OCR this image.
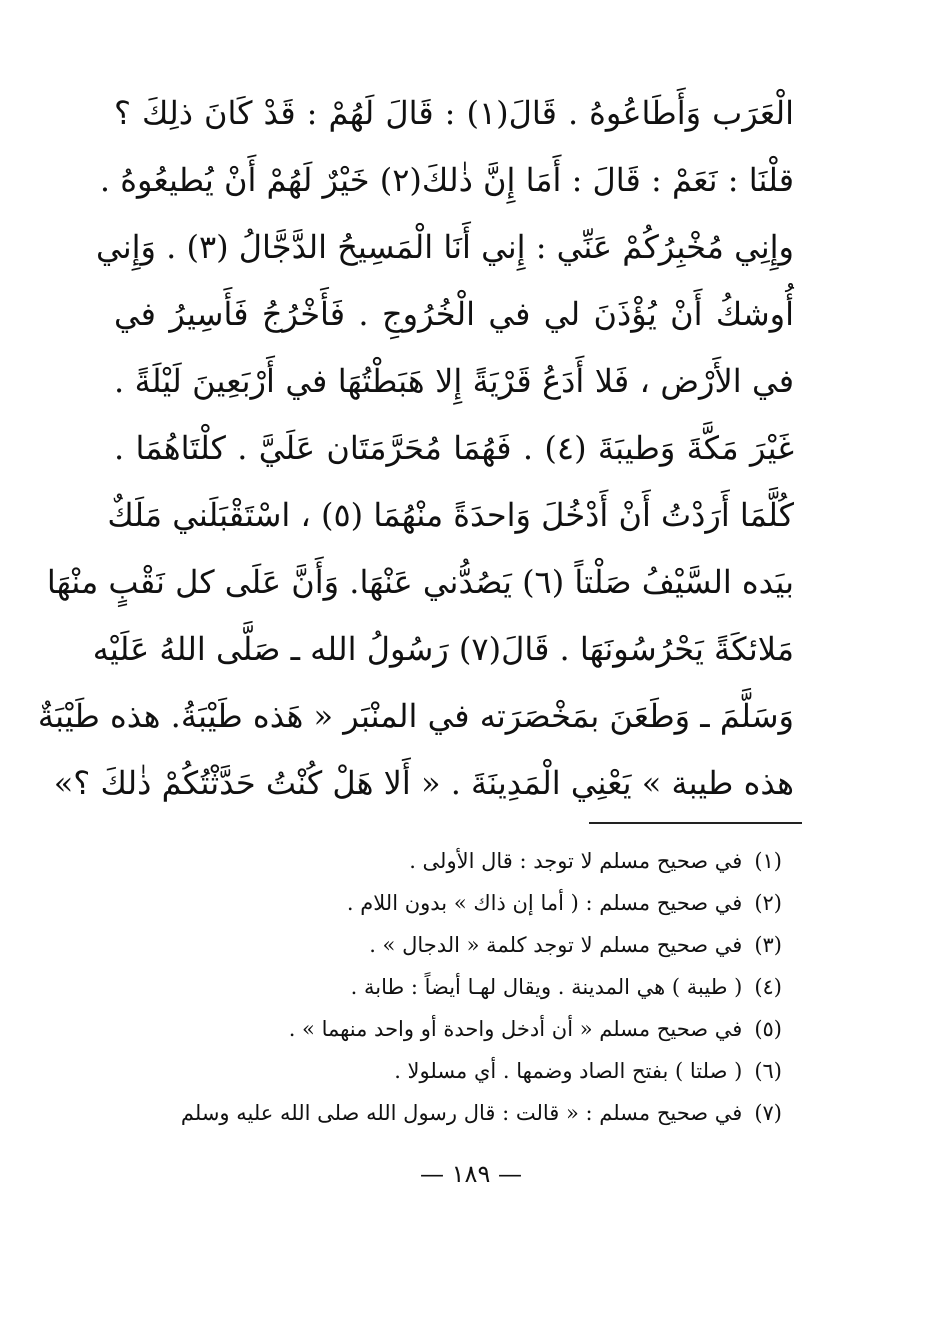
الْعَرَب وَأَطَاعُوهُ . قَالَ(١) : قَالَ لَهُمْ : قَدْ كَانَ ذلِكَ ؟
قلْنَا : نَعَمْ : قَالَ : أَمَا إِنَّ ذٰلكَ(٢) خَيْرٌ لَهُمْ أَنْ يُطيعُوهُ .
وإِنِي مُخْبِرُكُمْ عَنِّي : إِني أَنَا الْمَسِيحُ الدَّجَّالُ (٣) . وَإِني
أُوشكُ أَنْ يُؤْذَنَ لي في الْخُرُوجِ . فَأَخْرُجُ فَأَسِيرُ في
في الأَرْض ، فَلا أَدَعُ قَرْيَةً إِلا هَبَطْتُهَا في أَرْبَعِينَ لَيْلَةً .
غَيْرَ مَكَّةَ وَطيبَةَ (٤) . فَهُمَا مُحَرَّمَتَان عَلَيَّ . كلْتَاهُمَا .
كُلَّمَا أَرَدْتُ أَنْ أَدْخُلَ وَاحدَةً منْهُمَا (٥) ، اسْتَقْبَلَني مَلَكٌ
بيَده السَّيْفُ صَلْتاً (٦) يَصُدُّني عَنْهَا. وَأَنَّ عَلَى كل نَقْبٍ منْهَا
مَلائكَةً يَحْرُسُونَهَا . قَالَ(٧) رَسُولُ الله ـ صَلَّى اللهُ عَلَيْه
وَسَلَّمَ ـ وَطَعَنَ بمَخْصَرَته في المنْبَر « هَذه طَيْبَةُ. هذه طَيْبَةٌ
هذه طيبة » يَعْنِي الْمَدِينَةَ . « أَلا هَلْ كُنْتُ حَدَّثْتُكُمْ ذٰلكَ ؟»
(١)في صحيح مسلم لا توجد : قال الأولى .
(٢)في صحيح مسلم : ( أما إن ذاك » بدون اللام .
(٣)في صحيح مسلم لا توجد كلمة « الدجال » .
(٤)( طيبة ) هي المدينة . ويقال لهـا أيضاً : طابة .
(٥)في صحيح مسلم « أن أدخل واحدة أو واحد منهما » .
(٦)( صلتا ) بفتح الصاد وضمها . أي مسلولا .
(٧)في صحيح مسلم : « قالت : قال رسول الله صلى الله عليه وسلم
— ١٨٩ —
